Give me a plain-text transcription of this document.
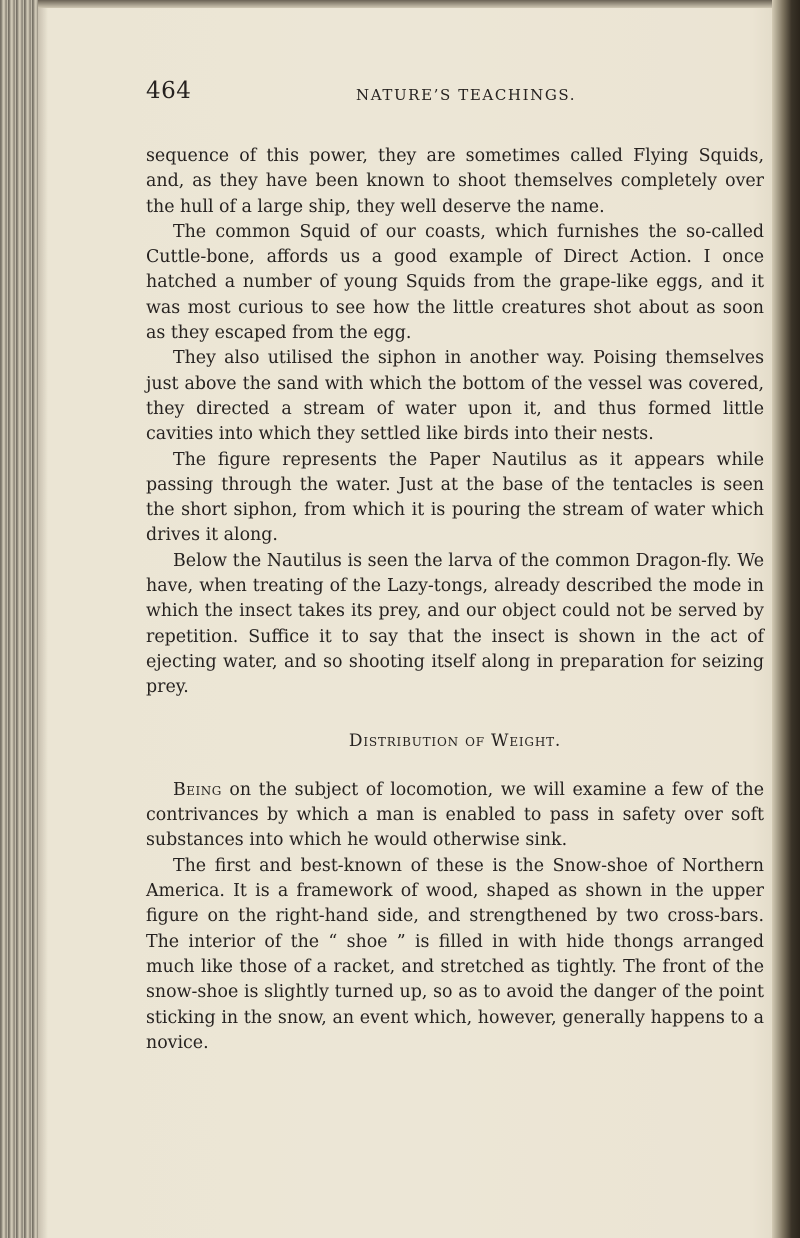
464	NATURE’S TEACHINGS.

sequence of this power, they are sometimes called Flying Squids, and, as they have been known to shoot themselves completely over the hull of a large ship, they well deserve the name.

The common Squid of our coasts, which furnishes the so-called Cuttle-bone, affords us a good example of Direct Action. I once hatched a number of young Squids from the grape-like eggs, and it was most curious to see how the little creatures shot about as soon as they escaped from the egg.

They also utilised the siphon in another way. Poising themselves just above the sand with which the bottom of the vessel was covered, they directed a stream of water upon it, and thus formed little cavities into which they settled like birds into their nests.

The figure represents the Paper Nautilus as it appears while passing through the water. Just at the base of the tentacles is seen the short siphon, from which it is pouring the stream of water which drives it along.

Below the Nautilus is seen the larva of the common Dragon-fly. We have, when treating of the Lazy-tongs, already described the mode in which the insect takes its prey, and our object could not be served by repetition. Suffice it to say that the insect is shown in the act of ejecting water, and so shooting itself along in preparation for seizing prey.

Distribution of Weight.

Being on the subject of locomotion, we will examine a few of the contrivances by which a man is enabled to pass in safety over soft substances into which he would otherwise sink.

The first and best-known of these is the Snow-shoe of Northern America. It is a framework of wood, shaped as shown in the upper figure on the right-hand side, and strengthened by two cross-bars. The interior of the “ shoe ” is filled in with hide thongs arranged much like those of a racket, and stretched as tightly. The front of the snow-shoe is slightly turned up, so as to avoid the danger of the point sticking in the snow, an event which, however, generally happens to a novice.
